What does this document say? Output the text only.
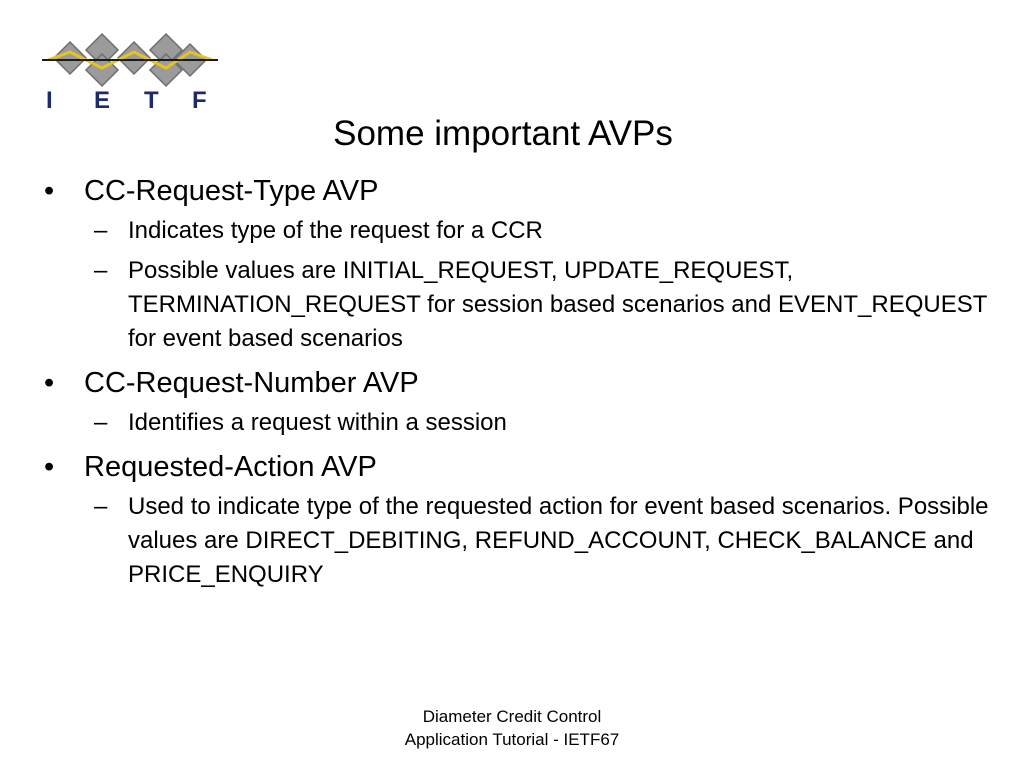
I E T F
Some important AVPs
• CC-Request-Type AVP
– Indicates type of the request for a CCR
– Possible values are INITIAL_REQUEST, UPDATE_REQUEST, TERMINATION_REQUEST for session based scenarios and EVENT_REQUEST for event based scenarios
• CC-Request-Number AVP
– Identifies a request within a session
• Requested-Action AVP
– Used to indicate type of the requested action for event based scenarios. Possible values are DIRECT_DEBITING, REFUND_ACCOUNT, CHECK_BALANCE and PRICE_ENQUIRY
Diameter Credit Control
Application Tutorial - IETF67
